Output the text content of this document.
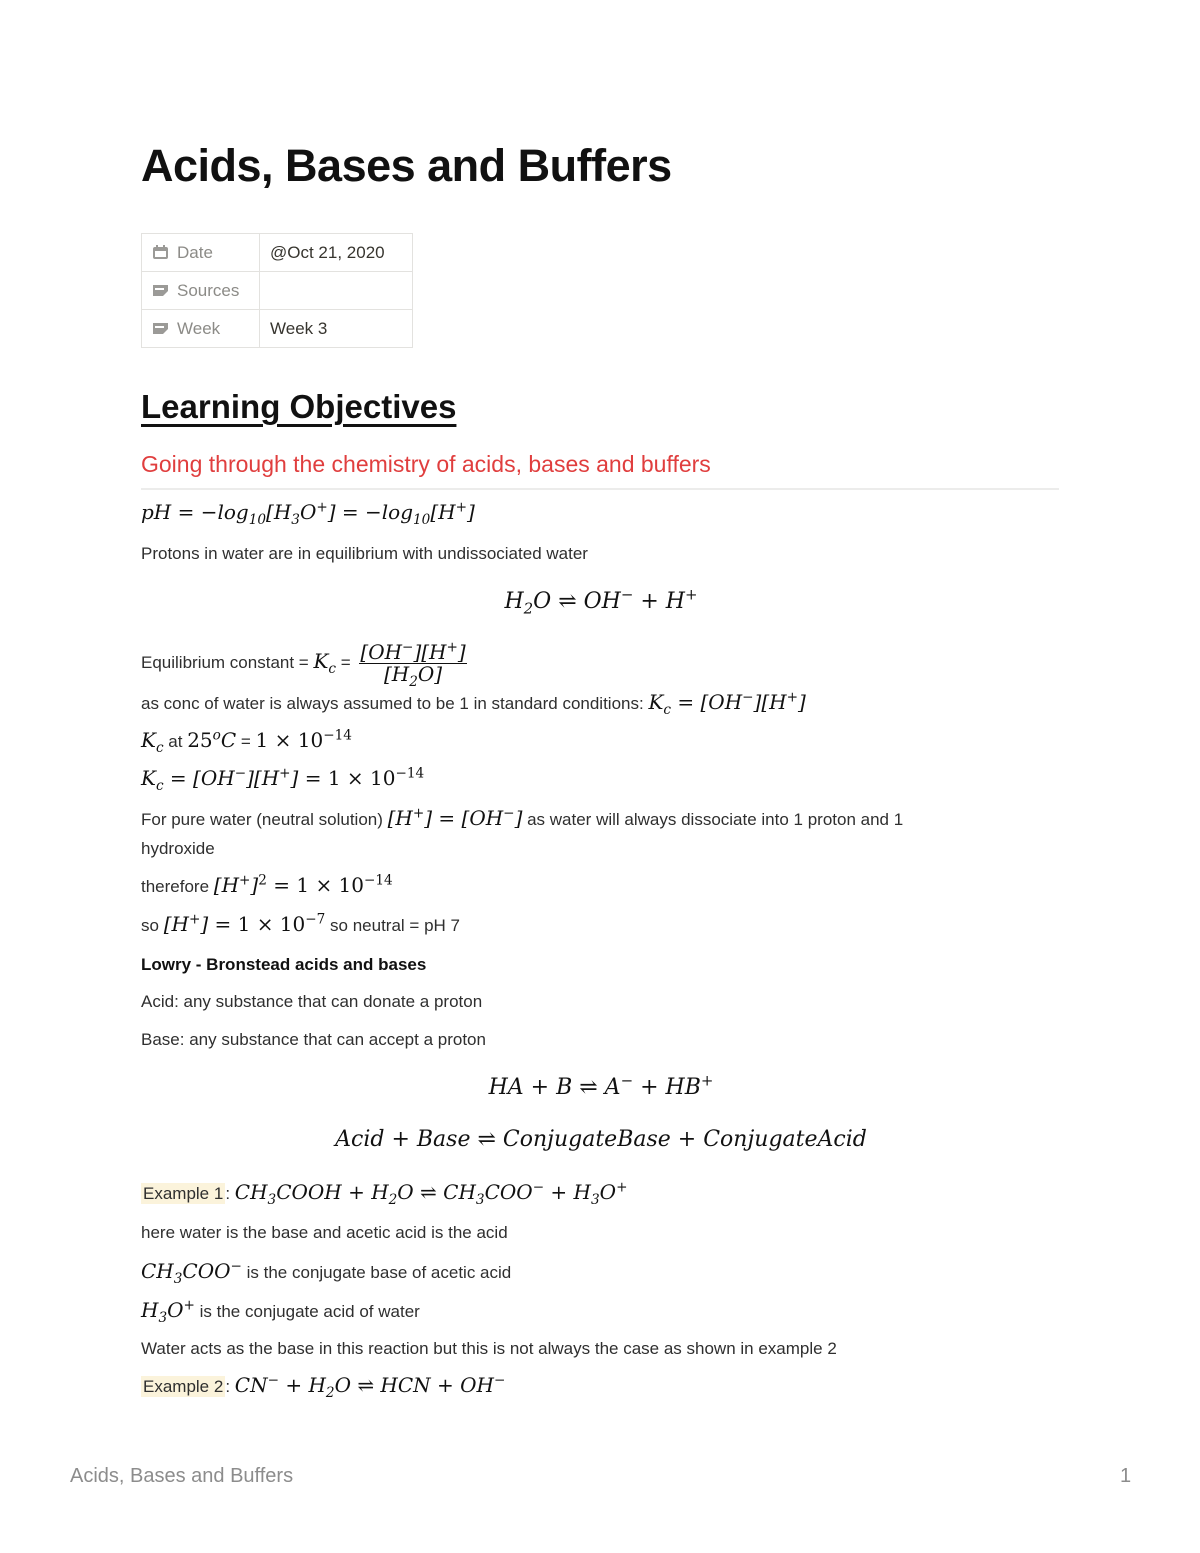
Acids, Bases and Buffers
Date	@Oct 21, 2020
Sources	
Week	Week 3
Learning Objectives
Going through the chemistry of acids, bases and buffers
pH = $-\log_{10}[H_3O^+] = -\log_{10}[H^+]$
Protons in water are in equilibrium with undissociated water
$H_2O$ ⇌ OH− + H+
Equilibrium constant = $K_c = \frac{[OH^-][H^+]}{[H_2O]}$
as conc of water is always assumed to be 1 in standard conditions: $K_c = [OH^-][H^+]$
$K_c$ at $25^oC = 1 \times 10^{-14}$
$K_c = [OH^-][H^+] = 1 \times 10^{-14}$
For pure water (neutral solution) [H+] = [OH−] as water will always dissociate into 1 proton and 1
hydroxide
therefore $[H^+]^2 = 1 \times 10^{-14}$
so $[H^+] = 1 \times 10^{-7}$ so neutral = pH 7
Lowry - Bronstead acids and bases
Acid: any substance that can donate a proton
Base: any substance that can accept a proton
HA + B ⇌ A− + HB+
Acid + Base ⇌ ConjugateBase + ConjugateAcid
Example 1 : $CH_3COOH + H_2O$ ⇌ $CH_3COO^- + H_3O^+$
here water is the base and acetic acid is the acid
$CH_3COO^-$ is the conjugate base of acetic acid
$H_3O^+$ is the conjugate acid of water
Water acts as the base in this reaction but this is not always the case as shown in example 2
Example 2 : $CN^- + H_2O$ ⇌ HCN + OH−
Acids, Bases and Buffers	1
